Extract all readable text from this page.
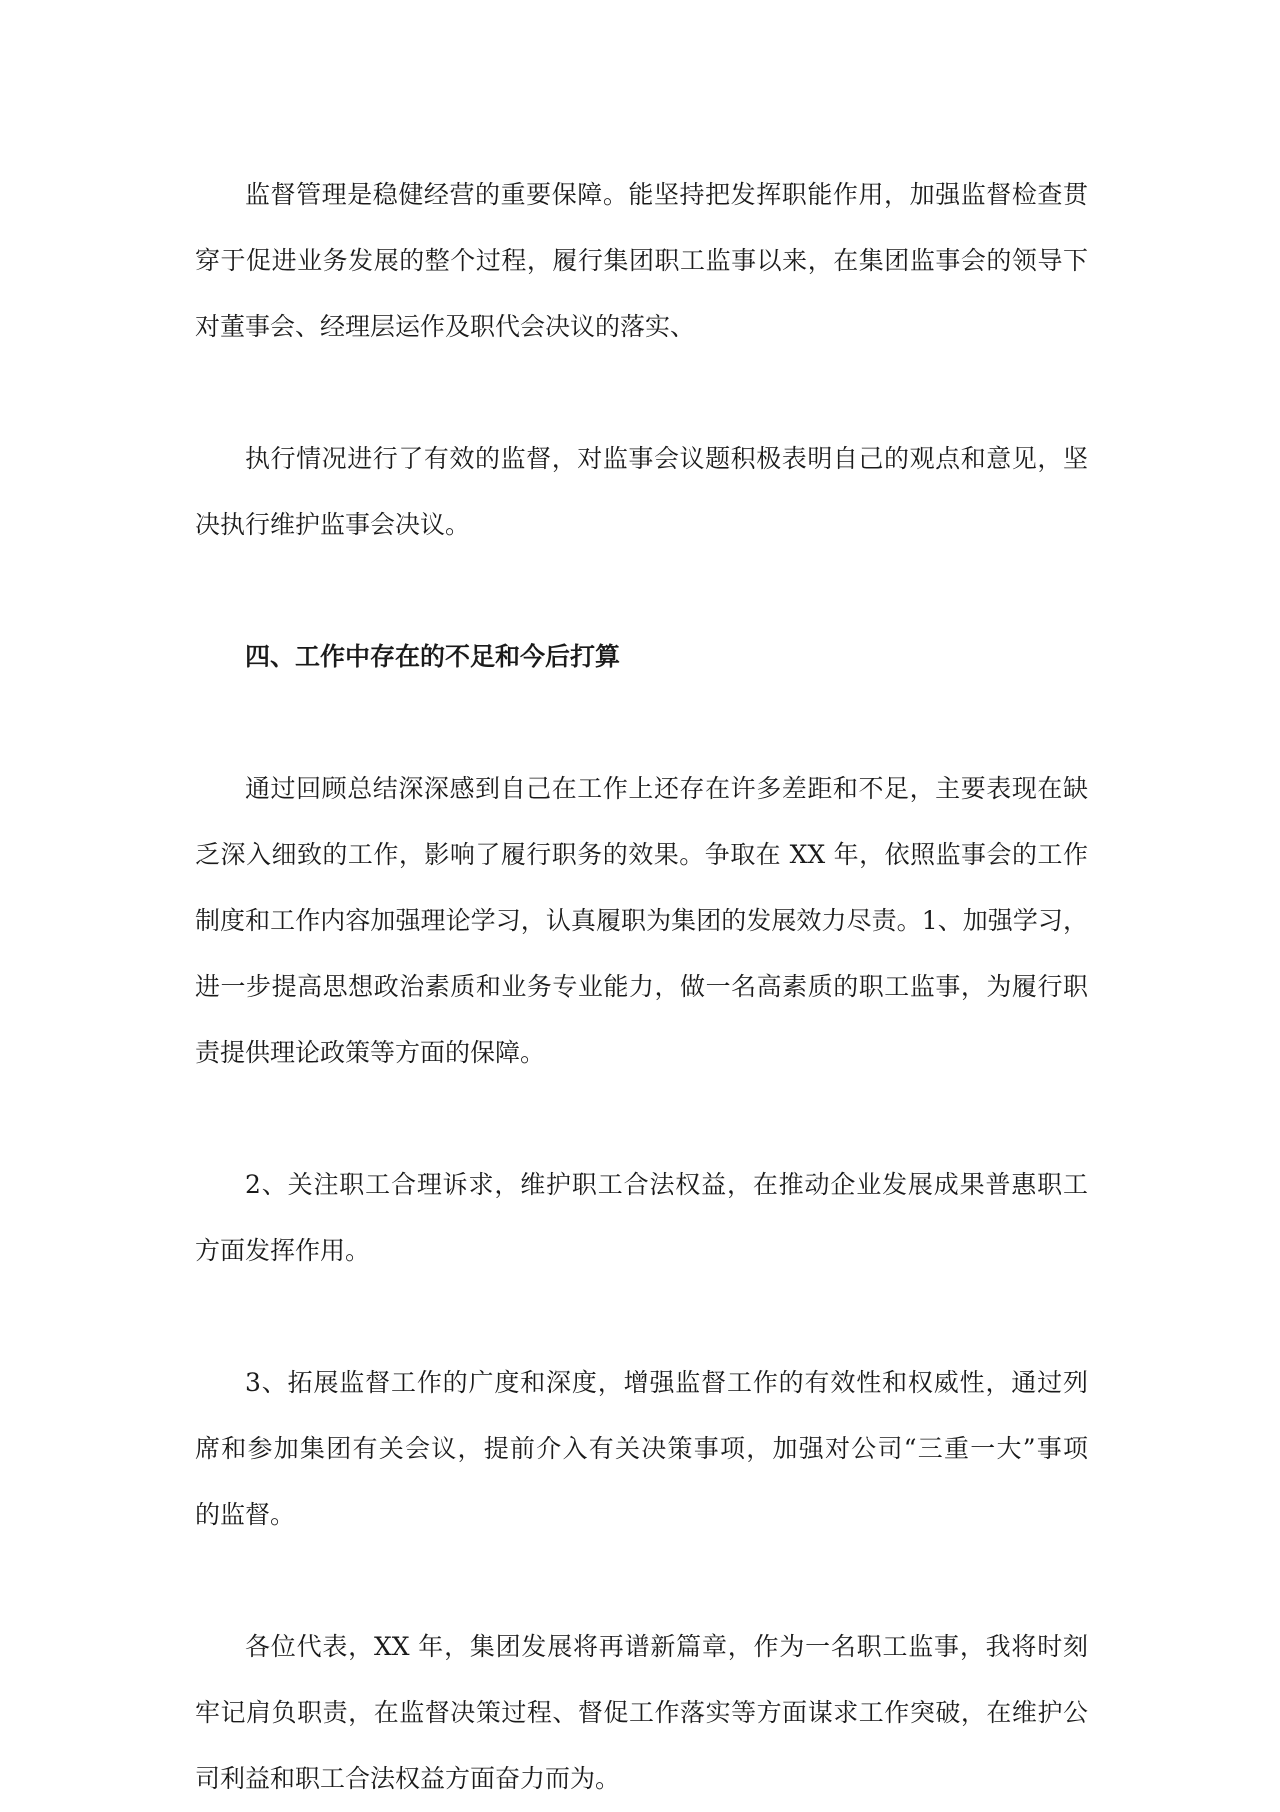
监督管理是稳健经营的重要保障。能坚持把发挥职能作用，加强监督检查贯
穿于促进业务发展的整个过程，履行集团职工监事以来，在集团监事会的领导下
对董事会、经理层运作及职代会决议的落实、
执行情况进行了有效的监督，对监事会议题积极表明自己的观点和意见，坚
决执行维护监事会决议。
四、工作中存在的不足和今后打算
通过回顾总结深深感到自己在工作上还存在许多差距和不足，主要表现在缺
乏深入细致的工作，影响了履行职务的效果。争取在 XX 年，依照监事会的工作
制度和工作内容加强理论学习，认真履职为集团的发展效力尽责。1、加强学习，
进一步提高思想政治素质和业务专业能力，做一名高素质的职工监事，为履行职
责提供理论政策等方面的保障。
2、关注职工合理诉求，维护职工合法权益，在推动企业发展成果普惠职工
方面发挥作用。
3、拓展监督工作的广度和深度，增强监督工作的有效性和权威性，通过列
席和参加集团有关会议，提前介入有关决策事项，加强对公司“三重一大”事项
的监督。
各位代表，XX 年，集团发展将再谱新篇章，作为一名职工监事，我将时刻
牢记肩负职责，在监督决策过程、督促工作落实等方面谋求工作突破，在维护公
司利益和职工合法权益方面奋力而为。
